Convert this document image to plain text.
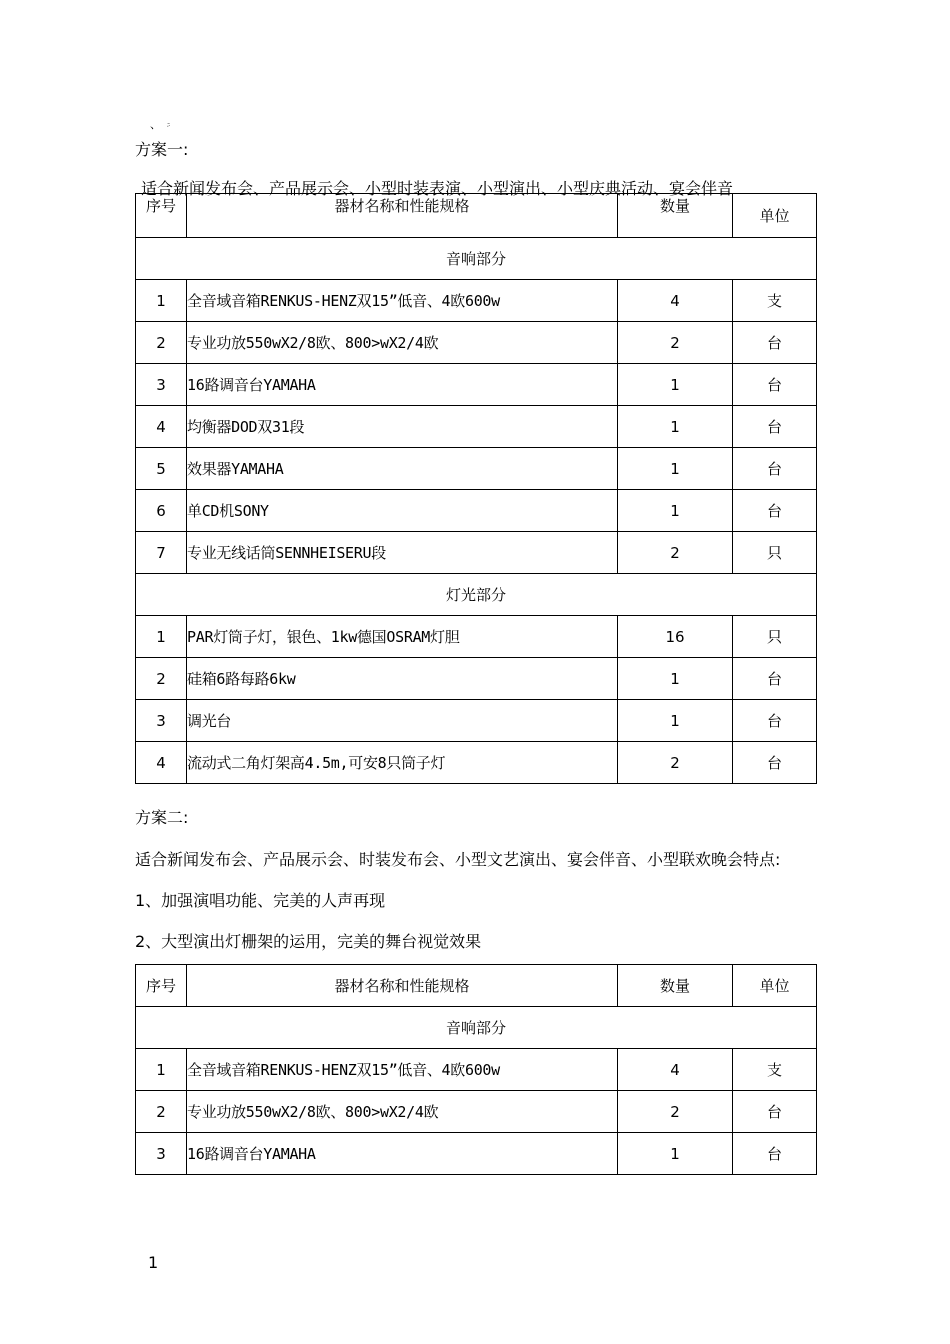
、 ﾆ
方案一:
适合新闻发布会、产品展示会、小型时装表演、小型演出、小型庆典活动、宴会伴音
序号	器材名称和性能规格	数量	单位
音响部分			
1	全音域音箱RENKUS-HENZ双15”低音、4欧600w	4	支
2	专业功放550wX2/8欧、800>wX2/4欧	2	台
3	16路调音台YAMAHA	1	台
4	均衡器DOD双31段	1	台
5	效果器YAMAHA	1	台
6	单CD机SONY	1	台
7	专业无线话筒SENNHEISERU段	2	只
灯光部分			
1	PAR灯筒子灯，银色、1kw德国OSRAM灯胆	16	只
2	硅箱6路每路6kw	1	台
3	调光台	1	台
4	流动式二角灯架高4.5m,可安8只筒子灯	2	台
方案二:
适合新闻发布会、产品展示会、时装发布会、小型文艺演出、宴会伴音、小型联欢晚会特点:
1、加强演唱功能、完美的人声再现
2、大型演出灯栅架的运用，完美的舞台视觉效果
序号	器材名称和性能规格	数量	单位
音响部分			
1	全音域音箱RENKUS-HENZ双15”低音、4欧600w	4	支
2	专业功放550wX2/8欧、800>wX2/4欧	2	台
3	16路调音台YAMAHA	1	台
1
